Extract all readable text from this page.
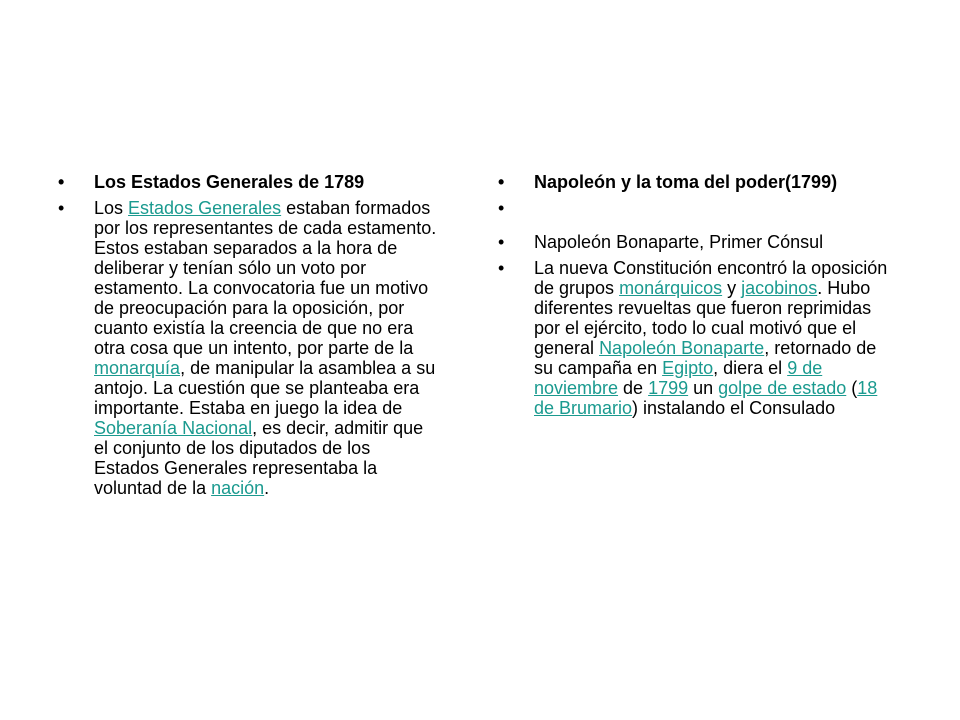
•	Los Estados Generales de 1789
•	Los Estados Generales estaban formados por los representantes de cada estamento. Estos estaban separados a la hora de deliberar y tenían sólo un voto por estamento. La convocatoria fue un motivo de preocupación para la oposición, por cuanto existía la creencia de que no era otra cosa que un intento, por parte de la monarquía, de manipular la asamblea a su antojo. La cuestión que se planteaba era importante. Estaba en juego la idea de Soberanía Nacional, es decir, admitir que el conjunto de los diputados de los Estados Generales representaba la voluntad de la nación.
•	Napoleón y la toma del poder(1799)
•
•	Napoleón Bonaparte, Primer Cónsul
•	La nueva Constitución encontró la oposición de grupos monárquicos y jacobinos. Hubo diferentes revueltas que fueron reprimidas por el ejército, todo lo cual motivó que el general Napoleón Bonaparte, retornado de su campaña en Egipto, diera el 9 de noviembre de 1799 un golpe de estado (18 de Brumario) instalando el Consulado
